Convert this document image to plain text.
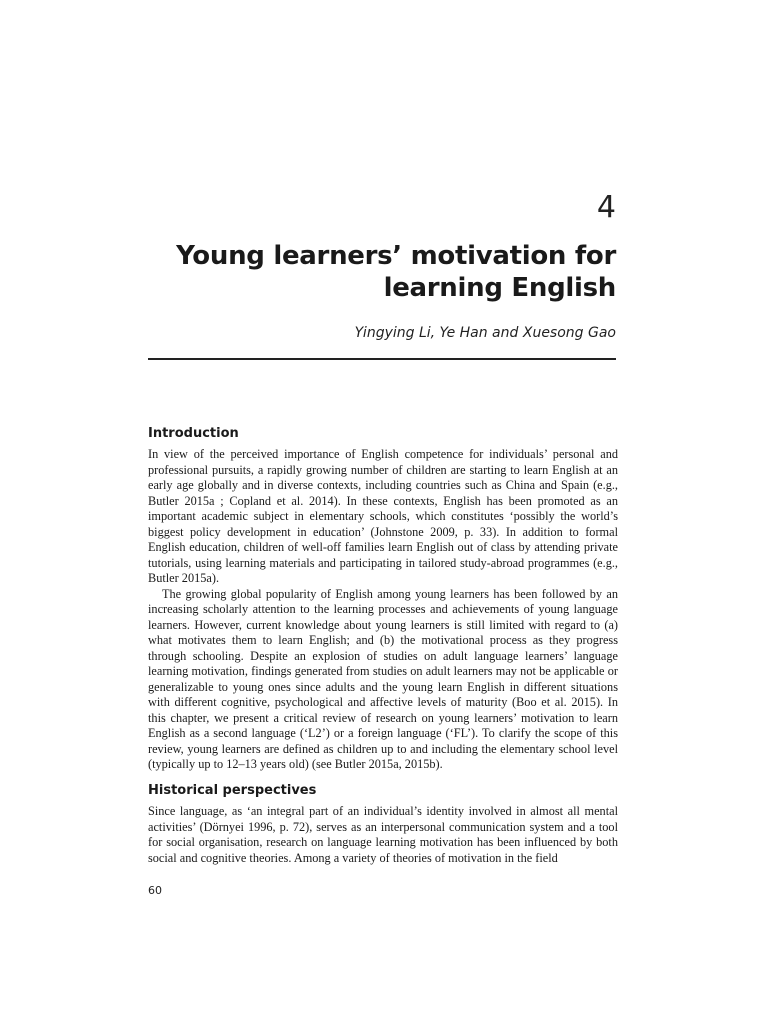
4
Young learners’ motivation for
learning English
Yingying Li, Ye Han and Xuesong Gao
Introduction

In view of the perceived importance of English competence for individuals’ personal and professional pursuits, a rapidly growing number of children are starting to learn English at an early age globally and in diverse contexts, including countries such as China and Spain (e.g., Butler 2015a ; Copland et al. 2014). In these contexts, English has been promoted as an important academic subject in elementary schools, which constitutes ‘possibly the world’s biggest policy development in education’ (Johnstone 2009, p. 33). In addition to formal English education, children of well-off families learn English out of class by attending private tutorials, using learning materials and participating in tailored study-abroad programmes (e.g., Butler 2015a).

The growing global popularity of English among young learners has been followed by an increasing scholarly attention to the learning processes and achievements of young language learners. However, current knowledge about young learners is still limited with regard to (a) what motivates them to learn English; and (b) the motivational process as they progress through schooling. Despite an explosion of studies on adult language learners’ language learning motivation, findings generated from studies on adult learners may not be applicable or generalizable to young ones since adults and the young learn English in different situations with different cognitive, psychological and affective levels of maturity (Boo et al. 2015). In this chapter, we present a critical review of research on young learners’ motivation to learn English as a second language (‘L2’) or a foreign language (‘FL’). To clarify the scope of this review, young learners are defined as children up to and including the elementary school level (typically up to 12–13 years old) (see Butler 2015a, 2015b).

Historical perspectives

Since language, as ‘an integral part of an individual’s identity involved in almost all mental activities’ (Dörnyei 1996, p. 72), serves as an interpersonal communication system and a tool for social organisation, research on language learning motivation has been influenced by both social and cognitive theories. Among a variety of theories of motivation in the field

60
